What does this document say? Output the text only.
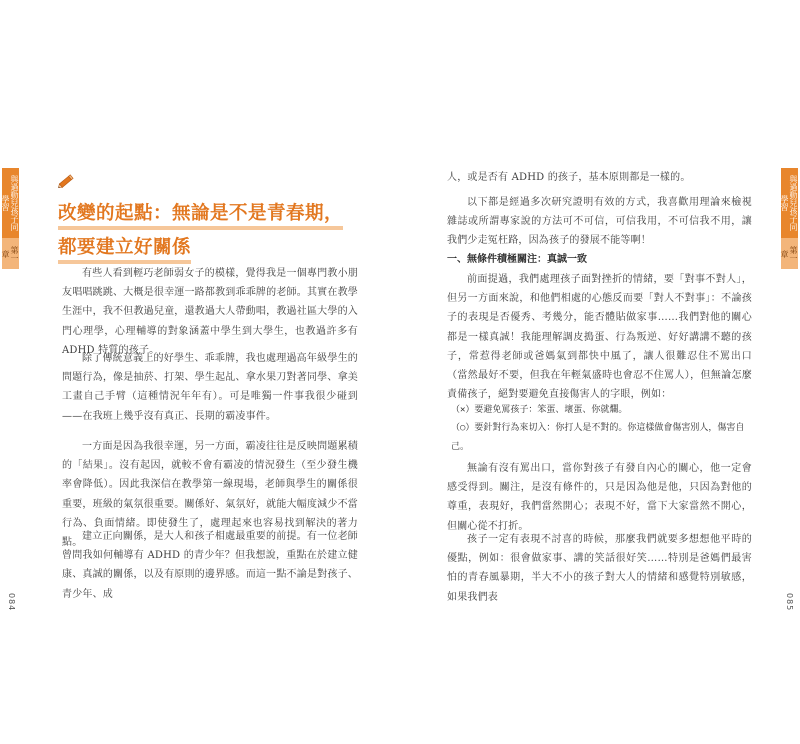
與過動兒孩子同學習
第一章
084
與過動兒孩子同學習
第一章
085
改變的起點：無論是不是青春期，
都要建立好關係

有些人看到輕巧老師弱女子的模樣，覺得我是一個專門教小朋友唱唱跳跳、大概是很幸運一路都教到乖乖牌的老師。其實在教學生涯中，我不但教過兒童，還教過大人帶動唱，教過社區大學的入門心理學，心理輔導的對象涵蓋中學生到大學生，也教過許多有 ADHD 特質的孩子。

除了傳統意義上的好學生、乖乖牌，我也處理過高年級學生的問題行為，像是抽菸、打架、學生起乩、拿水果刀對著同學、拿美工畫自己手臂（這種情況年年有）。可是唯獨一件事我很少碰到——在我班上幾乎沒有真正、長期的霸凌事件。

一方面是因為我很幸運，另一方面，霸凌往往是反映問題累積的「結果」。沒有起因，就較不會有霸凌的情況發生（至少發生機率會降低）。因此我深信在教學第一線現場，老師與學生的關係很重要，班級的氣氛很重要。關係好、氣氛好，就能大幅度減少不當行為、負面情緒。即使發生了，處理起來也容易找到解決的著力點。

建立正向關係，是大人和孩子相處最重要的前提。有一位老師曾問我如何輔導有 ADHD 的青少年？但我想說，重點在於建立健康、真誠的關係，以及有原則的邊界感。而這一點不論是對孩子、青少年、成

人，或是否有 ADHD 的孩子，基本原則都是一樣的。

以下都是經過多次研究證明有效的方式，我喜歡用理論來檢視雜誌或所謂專家說的方法可不可信，可信我用，不可信我不用，讓我們少走冤枉路，因為孩子的發展不能等啊！

一、無條件積極關注：真誠一致

前面提過，我們處理孩子面對挫折的情緒，要「對事不對人」，但另一方面來說，和他們相處的心態反而要「對人不對事」：不論孩子的表現是否優秀、考幾分，能否體貼做家事……我們對他的關心都是一樣真誠！我能理解調皮搗蛋、行為叛逆、好好講講不聽的孩子，常惹得老師或爸媽氣到都快中風了，讓人很難忍住不罵出口（當然最好不要，但我在年輕氣盛時也會忍不住罵人），但無論怎麼責備孩子，絕對要避免直接傷害人的字眼，例如：

（✕）要避免罵孩子：笨蛋、壞蛋、你就爛。
（○）要針對行為來切入：你打人是不對的。你這樣做會傷害別人，傷害自己。

無論有沒有罵出口，當你對孩子有發自內心的關心，他一定會感受得到。關注，是沒有條件的，只是因為他是他，只因為對他的尊重，表現好，我們當然開心；表現不好，當下大家當然不開心，但關心從不打折。

孩子一定有表現不討喜的時候，那麼我們就要多想想他平時的優點，例如：很會做家事、講的笑話很好笑……特別是爸媽們最害怕的青春風暴期，半大不小的孩子對大人的情緒和感覺特別敏感，如果我們表
